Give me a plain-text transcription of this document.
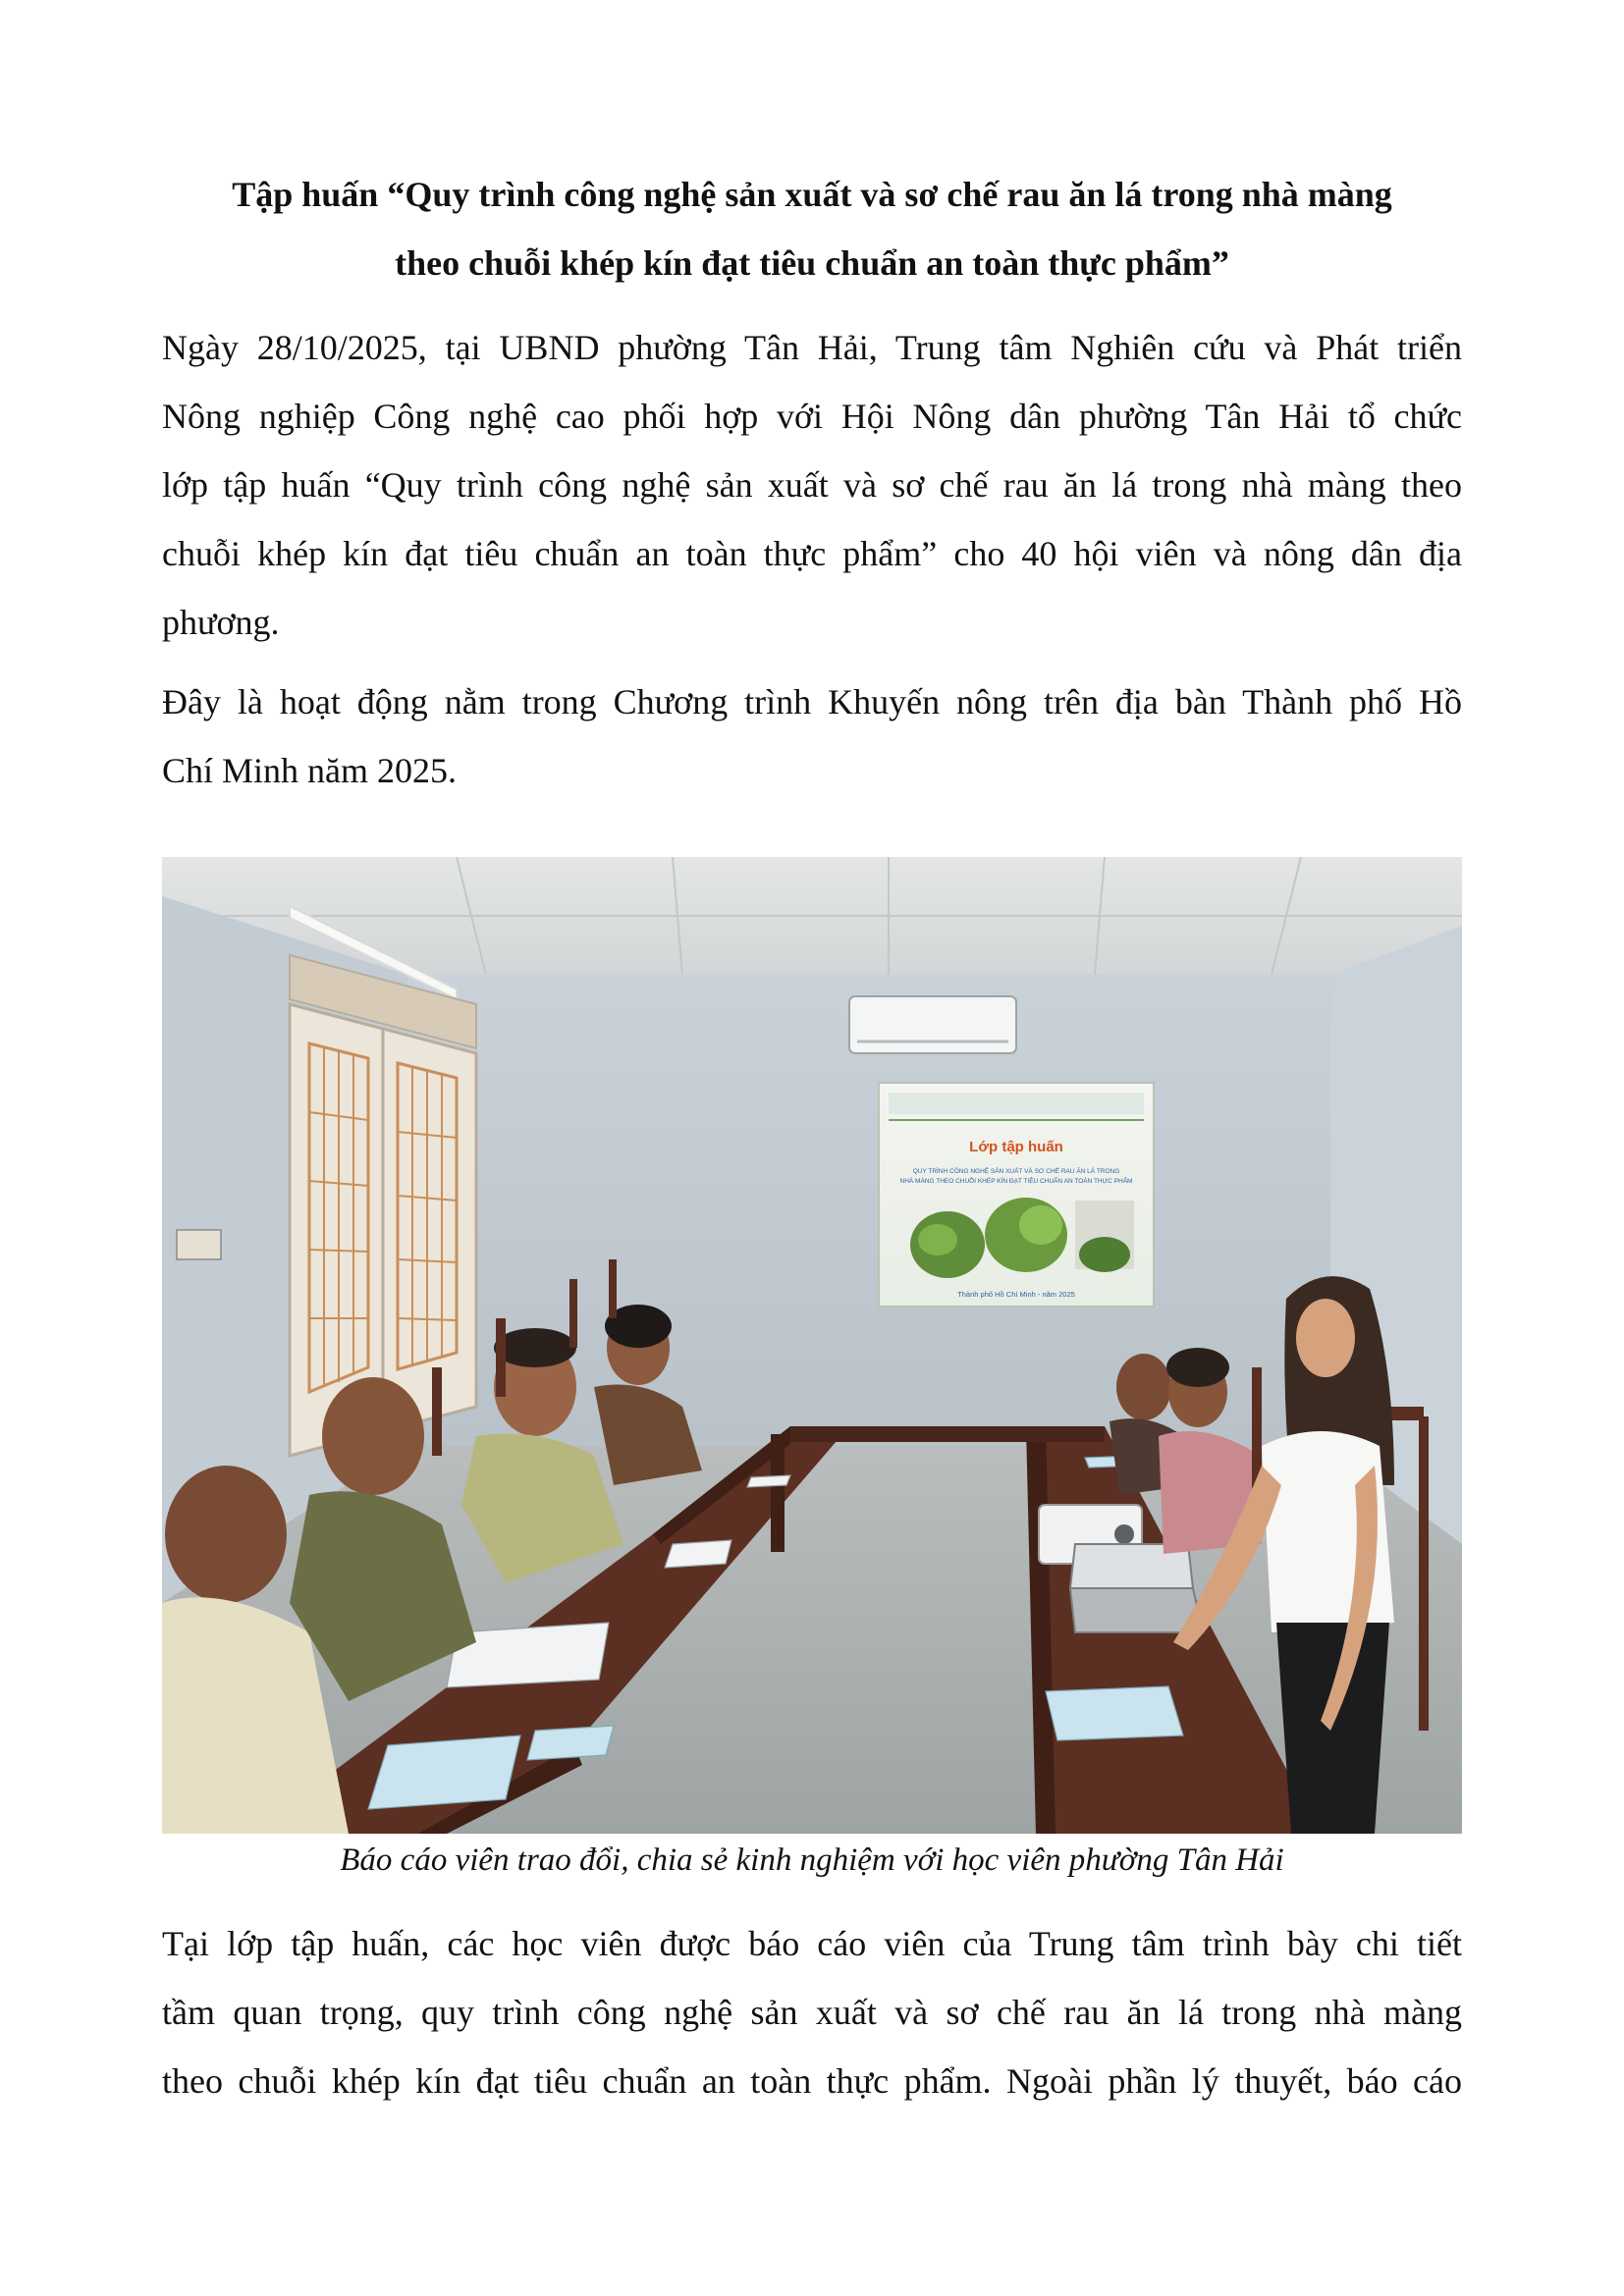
Tập huấn “Quy trình công nghệ sản xuất và sơ chế rau ăn lá trong nhà màng
theo chuỗi khép kín đạt tiêu chuẩn an toàn thực phẩm”
Ngày 28/10/2025, tại UBND phường Tân Hải, Trung tâm Nghiên cứu và Phát triển
Nông nghiệp Công nghệ cao phối hợp với Hội Nông dân phường Tân Hải tổ chức
lớp tập huấn “Quy trình công nghệ sản xuất và sơ chế rau ăn lá trong nhà màng theo
chuỗi khép kín đạt tiêu chuẩn an toàn thực phẩm” cho 40 hội viên và nông dân địa
phương.
Đây là hoạt động nằm trong Chương trình Khuyến nông trên địa bàn Thành phố Hồ
Chí Minh năm 2025.
Lớp tập huấn
QUY TRÌNH CÔNG NGHỆ SẢN XUẤT VÀ SƠ CHẾ RAU ĂN LÁ TRONG
NHÀ MÀNG THEO CHUỖI KHÉP KÍN ĐẠT TIÊU CHUẨN AN TOÀN THỰC PHẨM
Thành phố Hồ Chí Minh - năm 2025

Báo cáo viên trao đổi, chia sẻ kinh nghiệm với học viên phường Tân Hải

Tại lớp tập huấn, các học viên được báo cáo viên của Trung tâm trình bày chi tiết
tầm quan trọng, quy trình công nghệ sản xuất và sơ chế rau ăn lá trong nhà màng
theo chuỗi khép kín đạt tiêu chuẩn an toàn thực phẩm. Ngoài phần lý thuyết, báo cáo
